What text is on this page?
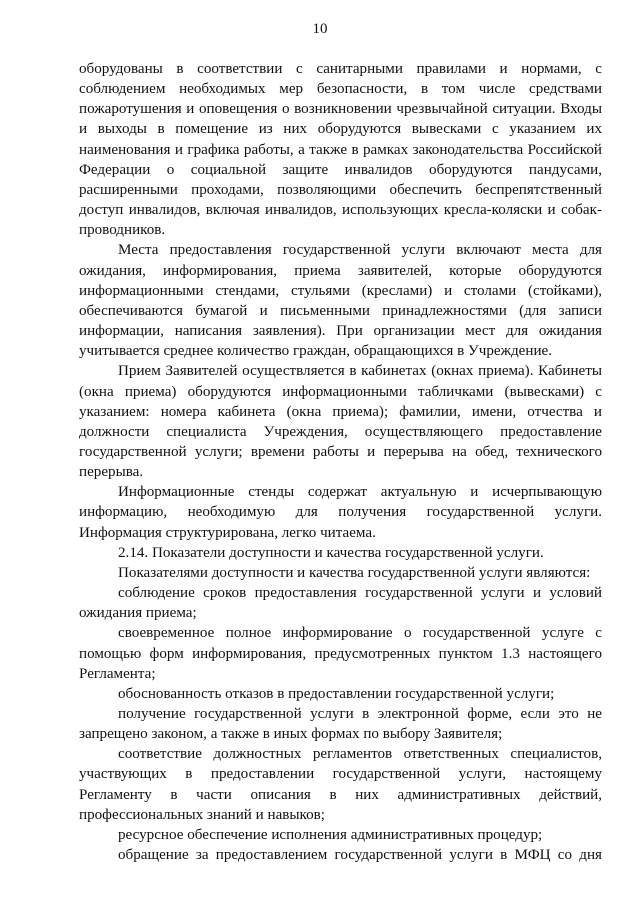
10

оборудованы в соответствии с санитарными правилами и нормами, с соблюдением необходимых мер безопасности, в том числе средствами пожаротушения и оповещения о возникновении чрезвычайной ситуации. Входы и выходы в помещение из них оборудуются вывесками с указанием их наименования и графика работы, а также в рамках законодательства Российской Федерации о социальной защите инвалидов оборудуются пандусами, расширенными проходами, позволяющими обеспечить беспрепятственный доступ инвалидов, включая инвалидов, использующих кресла-коляски и собак-проводников.

Места предоставления государственной услуги включают места для ожидания, информирования, приема заявителей, которые оборудуются информационными стендами, стульями (креслами) и столами (стойками), обеспечиваются бумагой и письменными принадлежностями (для записи информации, написания заявления). При организации мест для ожидания учитывается среднее количество граждан, обращающихся в Учреждение.

Прием Заявителей осуществляется в кабинетах (окнах приема). Кабинеты (окна приема) оборудуются информационными табличками (вывесками) с указанием: номера кабинета (окна приема); фамилии, имени, отчества и должности специалиста Учреждения, осуществляющего предоставление государственной услуги; времени работы и перерыва на обед, технического перерыва.

Информационные стенды содержат актуальную и исчерпывающую информацию, необходимую для получения государственной услуги. Информация структурирована, легко читаема.

2.14. Показатели доступности и качества государственной услуги.

Показателями доступности и качества государственной услуги являются:

соблюдение сроков предоставления государственной услуги и условий ожидания приема;

своевременное полное информирование о государственной услуге с помощью форм информирования, предусмотренных пунктом 1.3 настоящего Регламента;

обоснованность отказов в предоставлении государственной услуги;

получение государственной услуги в электронной форме, если это не запрещено законом, а также в иных формах по выбору Заявителя;

соответствие должностных регламентов ответственных специалистов, участвующих в предоставлении государственной услуги, настоящему Регламенту в части описания в них административных действий, профессиональных знаний и навыков;

ресурсное обеспечение исполнения административных процедур;

обращение за предоставлением государственной услуги в МФЦ со дня
